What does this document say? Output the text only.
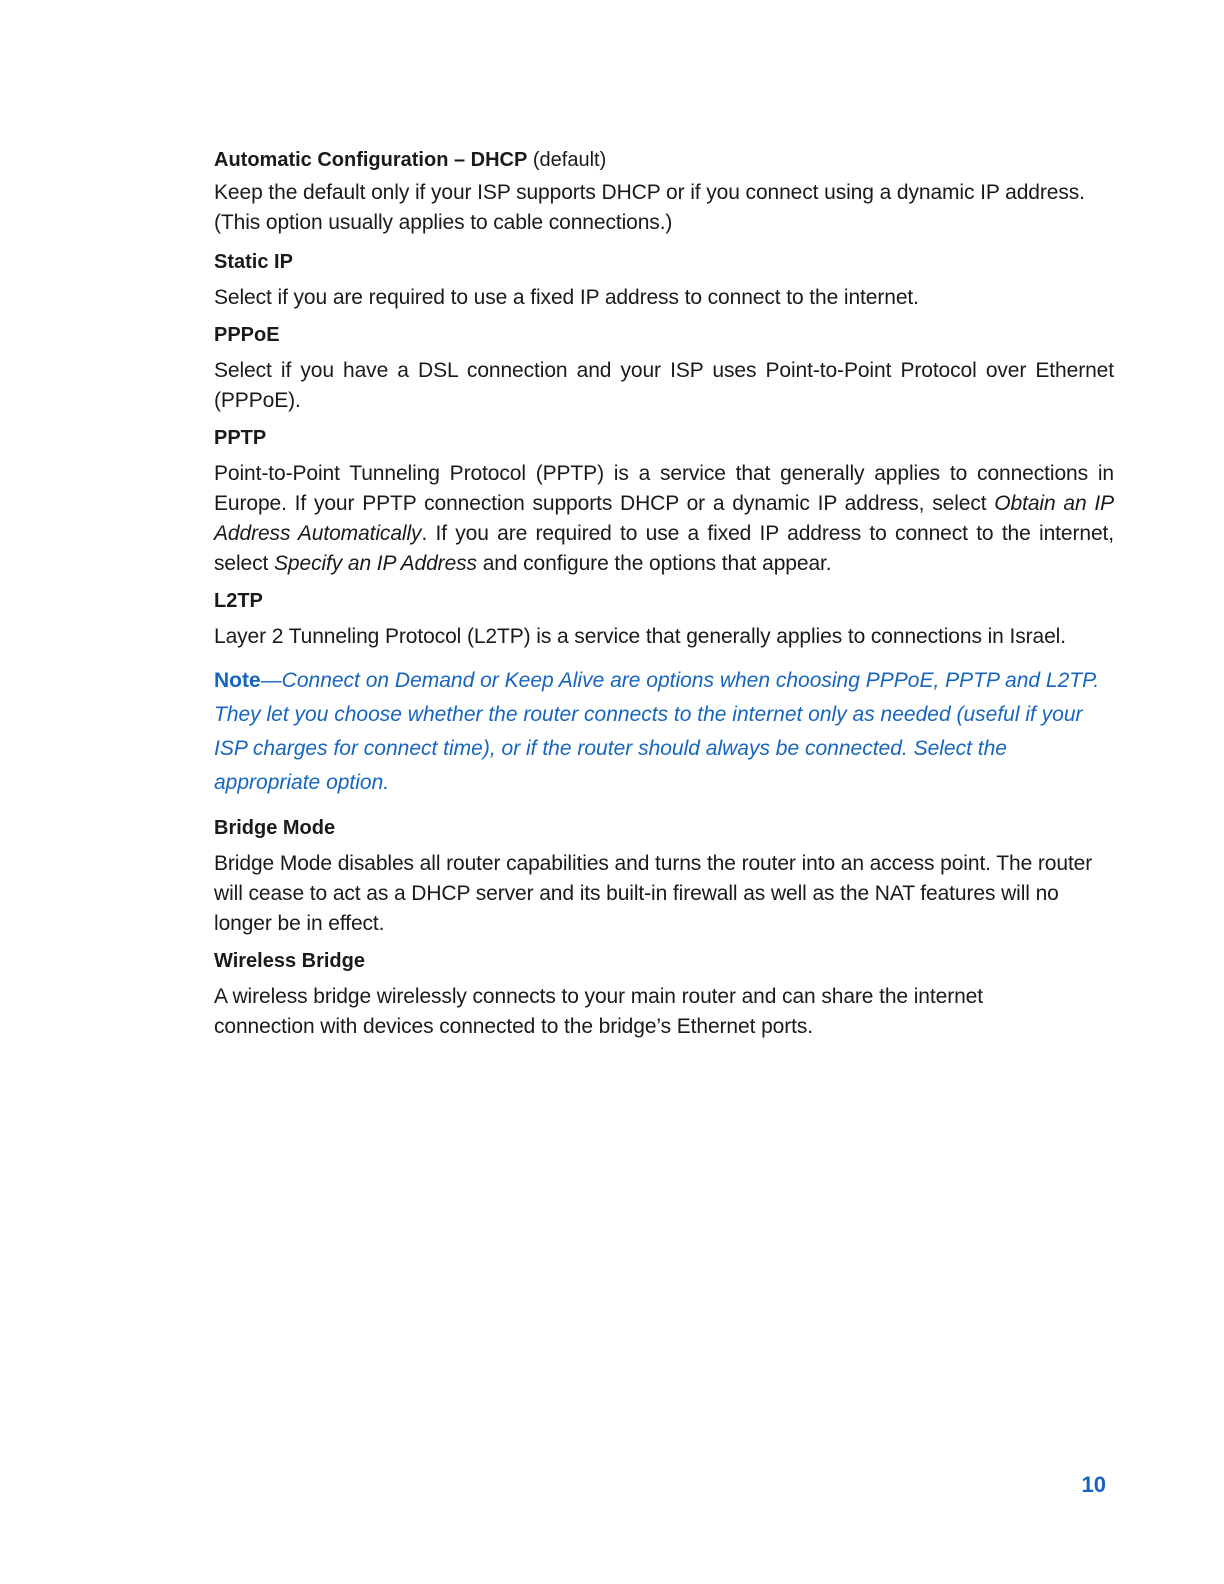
Automatic Configuration – DHCP (default)

Keep the default only if your ISP supports DHCP or if you connect using a dynamic IP address. (This option usually applies to cable connections.)

Static IP

Select if you are required to use a fixed IP address to connect to the internet.

PPPoE

Select if you have a DSL connection and your ISP uses Point-to-Point Protocol over Ethernet (PPPoE).

PPTP

Point-to-Point Tunneling Protocol (PPTP) is a service that generally applies to connections in Europe. If your PPTP connection supports DHCP or a dynamic IP address, select Obtain an IP Address Automatically. If you are required to use a fixed IP address to connect to the internet, select Specify an IP Address and configure the options that appear.

L2TP

Layer 2 Tunneling Protocol (L2TP) is a service that generally applies to connections in Israel.

Note—Connect on Demand or Keep Alive are options when choosing PPPoE, PPTP and L2TP. They let you choose whether the router connects to the internet only as needed (useful if your ISP charges for connect time), or if the router should always be connected. Select the appropriate option.

Bridge Mode

Bridge Mode disables all router capabilities and turns the router into an access point. The router will cease to act as a DHCP server and its built-in firewall as well as the NAT features will no longer be in effect.

Wireless Bridge

A wireless bridge wirelessly connects to your main router and can share the internet connection with devices connected to the bridge’s Ethernet ports.

10
